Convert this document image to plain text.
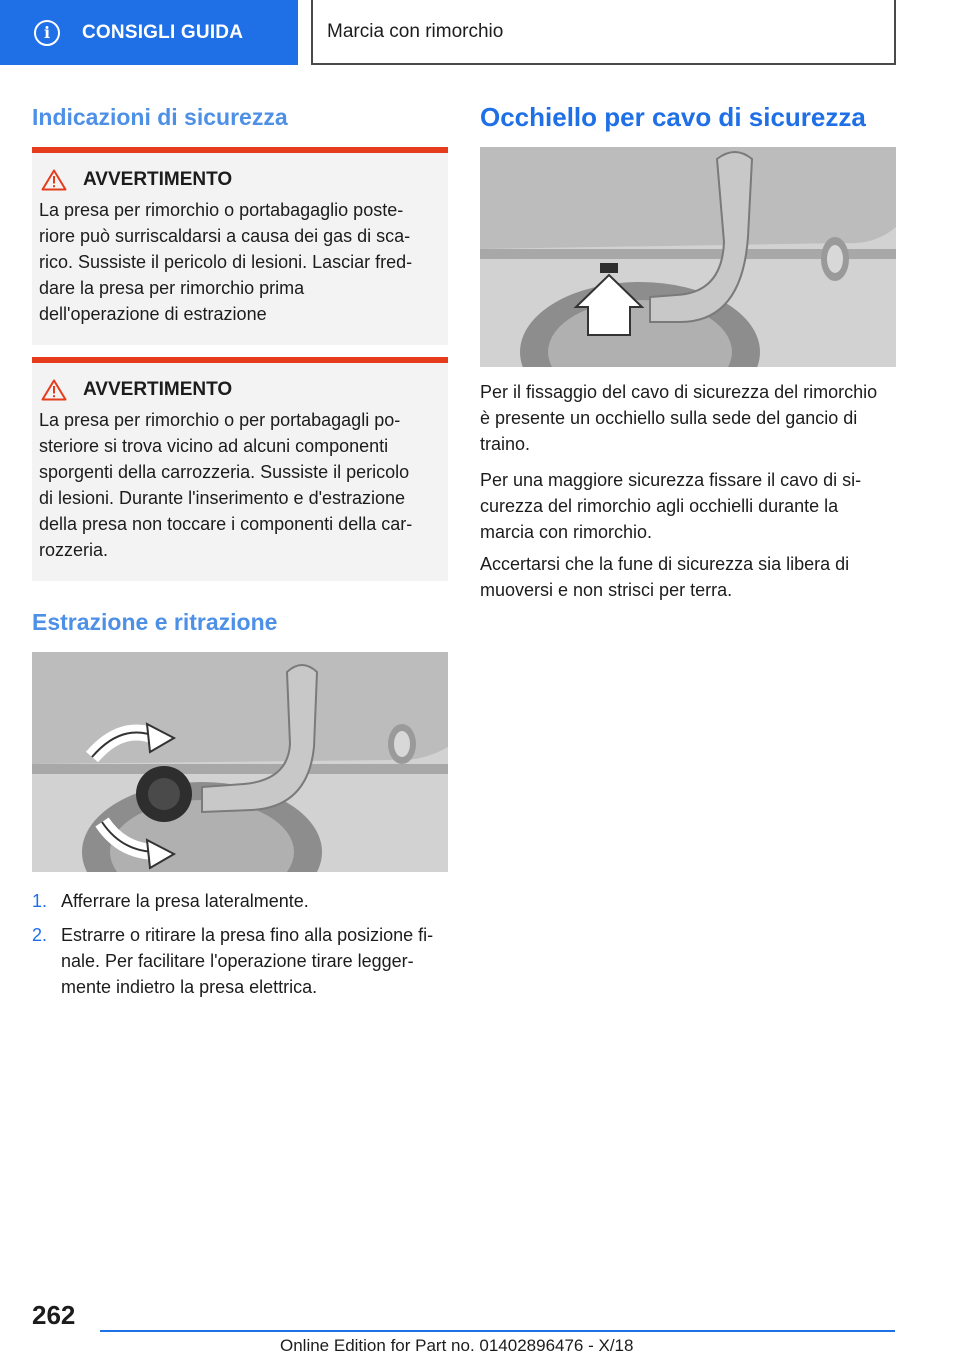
i	CONSIGLI GUIDA	Marcia con rimorchio
Indicazioni di sicurezza
AVVERTIMENTO
La presa per rimorchio o portabagaglio poste-
riore può surriscaldarsi a causa dei gas di sca-
rico. Sussiste il pericolo di lesioni. Lasciar fred-
dare la presa per rimorchio prima
dell'operazione di estrazione
AVVERTIMENTO
La presa per rimorchio o per portabagagli po-
steriore si trova vicino ad alcuni componenti
sporgenti della carrozzeria. Sussiste il pericolo
di lesioni. Durante l'inserimento e d'estrazione
della presa non toccare i componenti della car-
rozzeria.
Estrazione e ritrazione
1. Afferrare la presa lateralmente.
2. Estrarre o ritirare la presa fino alla posizione fi-
nale. Per facilitare l'operazione tirare legger-
mente indietro la presa elettrica.
Occhiello per cavo di sicurezza
Per il fissaggio del cavo di sicurezza del rimorchio
è presente un occhiello sulla sede del gancio di
traino.
Per una maggiore sicurezza fissare il cavo di si-
curezza del rimorchio agli occhielli durante la
marcia con rimorchio.
Accertarsi che la fune di sicurezza sia libera di
muoversi e non strisci per terra.
262
Online Edition for Part no. 01402896476 - X/18
